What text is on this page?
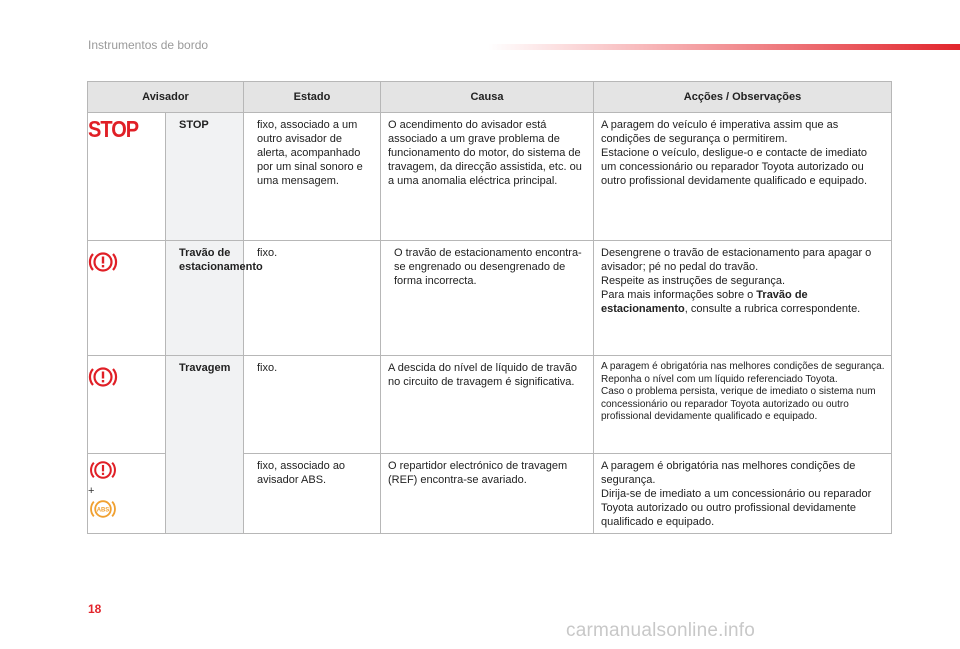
Instrumentos de bordo
Avisador		Estado	Causa	Acções / Observações

STOP	STOP	fixo, associado a um outro avisador de alerta, acompanhado por um sinal sonoro e uma mensagem.	O acendimento do avisador está associado a um grave problema de funcionamento do motor, do sistema de travagem, da direcção assistida, etc. ou a uma anomalia eléctrica principal.	A paragem do veículo é imperativa assim que as condições de segurança o permitirem.
Estacione o veículo, desligue-o e contacte de imediato um concessionário ou reparador Toyota autorizado ou outro profissional devidamente qualificado e equipado.

Travão de estacionamento	fixo.	O travão de estacionamento encontra-se engrenado ou desengrenado de forma incorrecta.	Desengrene o travão de estacionamento para apagar o avisador; pé no pedal do travão.
Respeite as instruções de segurança.
Para mais informações sobre o Travão de estacionamento, consulte a rubrica correspondente.

Travagem	fixo.	A descida do nível de líquido de travão no circuito de travagem é significativa.	A paragem é obrigatória nas melhores condições de segurança.
Reponha o nível com um líquido referenciado Toyota.
Caso o problema persista, verique de imediato o sistema num concessionário ou reparador Toyota autorizado ou outro profissional devidamente qualificado e equipado.

+
ABS		fixo, associado ao avisador ABS.	O repartidor electrónico de travagem (REF) encontra-se avariado.	A paragem é obrigatória nas melhores condições de segurança.
Dirija-se de imediato a um concessionário ou reparador Toyota autorizado ou outro profissional devidamente qualificado e equipado.
18
carmanualsonline.info
